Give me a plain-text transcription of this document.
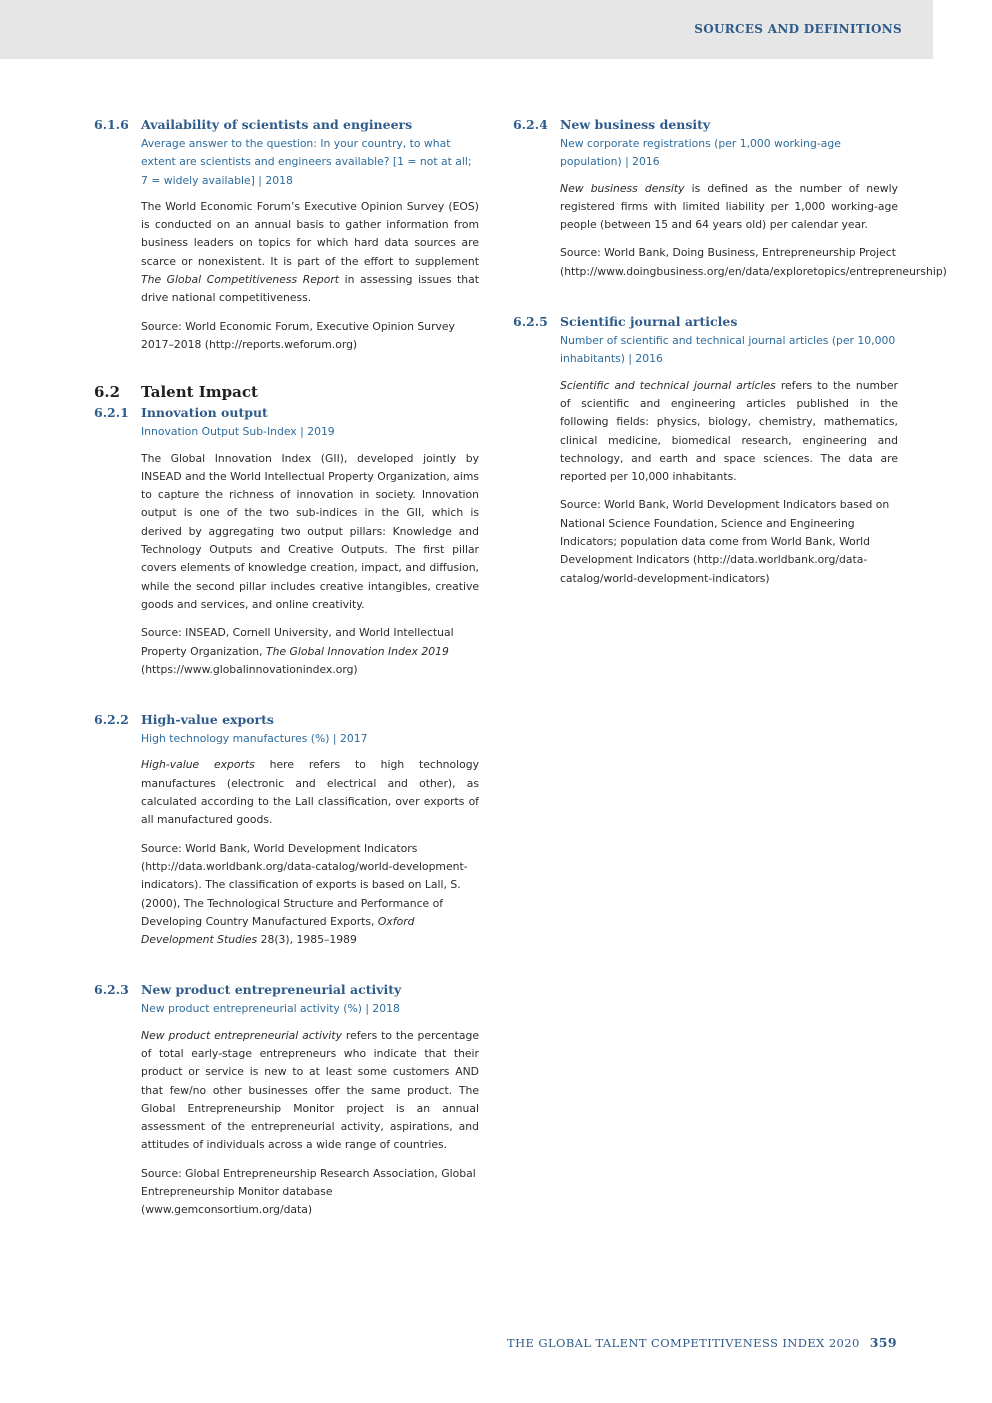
SOURCES AND DEFINITIONS
6.1.6 Availability of scientists and engineers
Average answer to the question: In your country, to what extent are scientists and engineers available? [1 = not at all; 7 = widely available] | 2018

The World Economic Forum’s Executive Opinion Survey (EOS) is conducted on an annual basis to gather information from business leaders on topics for which hard data sources are scarce or nonexistent. It is part of the effort to supplement The Global Competitiveness Report in assessing issues that drive national competitiveness.

Source: World Economic Forum, Executive Opinion Survey 2017–2018 (http://reports.weforum.org)

6.2 Talent Impact
6.2.1 Innovation output
Innovation Output Sub-Index | 2019

The Global Innovation Index (GII), developed jointly by INSEAD and the World Intellectual Property Organization, aims to capture the richness of innovation in society. Innovation output is one of the two sub-indices in the GII, which is derived by aggregating two output pillars: Knowledge and Technology Outputs and Creative Outputs. The first pillar covers elements of knowledge creation, impact, and diffusion, while the second pillar includes creative intangibles, creative goods and services, and online creativity.

Source: INSEAD, Cornell University, and World Intellectual Property Organization, The Global Innovation Index 2019 (https://www.globalinnovationindex.org)

6.2.2 High-value exports
High technology manufactures (%) | 2017

High-value exports here refers to high technology manufactures (electronic and electrical and other), as calculated according to the Lall classification, over exports of all manufactured goods.

Source: World Bank, World Development Indicators (http://data.worldbank.org/data-catalog/world-development-indicators). The classification of exports is based on Lall, S. (2000), The Technological Structure and Performance of Developing Country Manufactured Exports, Oxford Development Studies 28(3), 1985–1989

6.2.3 New product entrepreneurial activity
New product entrepreneurial activity (%) | 2018

New product entrepreneurial activity refers to the percentage of total early-stage entrepreneurs who indicate that their product or service is new to at least some customers AND that few/no other businesses offer the same product. The Global Entrepreneurship Monitor project is an annual assessment of the entrepreneurial activity, aspirations, and attitudes of individuals across a wide range of countries.

Source: Global Entrepreneurship Research Association, Global Entrepreneurship Monitor database (www.gemconsortium.org/data)

6.2.4 New business density
New corporate registrations (per 1,000 working-age population) | 2016

New business density is defined as the number of newly registered firms with limited liability per 1,000 working-age people (between 15 and 64 years old) per calendar year.

Source: World Bank, Doing Business, Entrepreneurship Project (http://www.doingbusiness.org/en/data/exploretopics/entrepreneurship)

6.2.5 Scientific journal articles
Number of scientific and technical journal articles (per 10,000 inhabitants) | 2016

Scientific and technical journal articles refers to the number of scientific and engineering articles published in the following fields: physics, biology, chemistry, mathematics, clinical medicine, biomedical research, engineering and technology, and earth and space sciences. The data are reported per 10,000 inhabitants.

Source: World Bank, World Development Indicators based on National Science Foundation, Science and Engineering Indicators; population data come from World Bank, World Development Indicators (http://data.worldbank.org/data-catalog/world-development-indicators)

THE GLOBAL TALENT COMPETITIVENESS INDEX 2020 359
